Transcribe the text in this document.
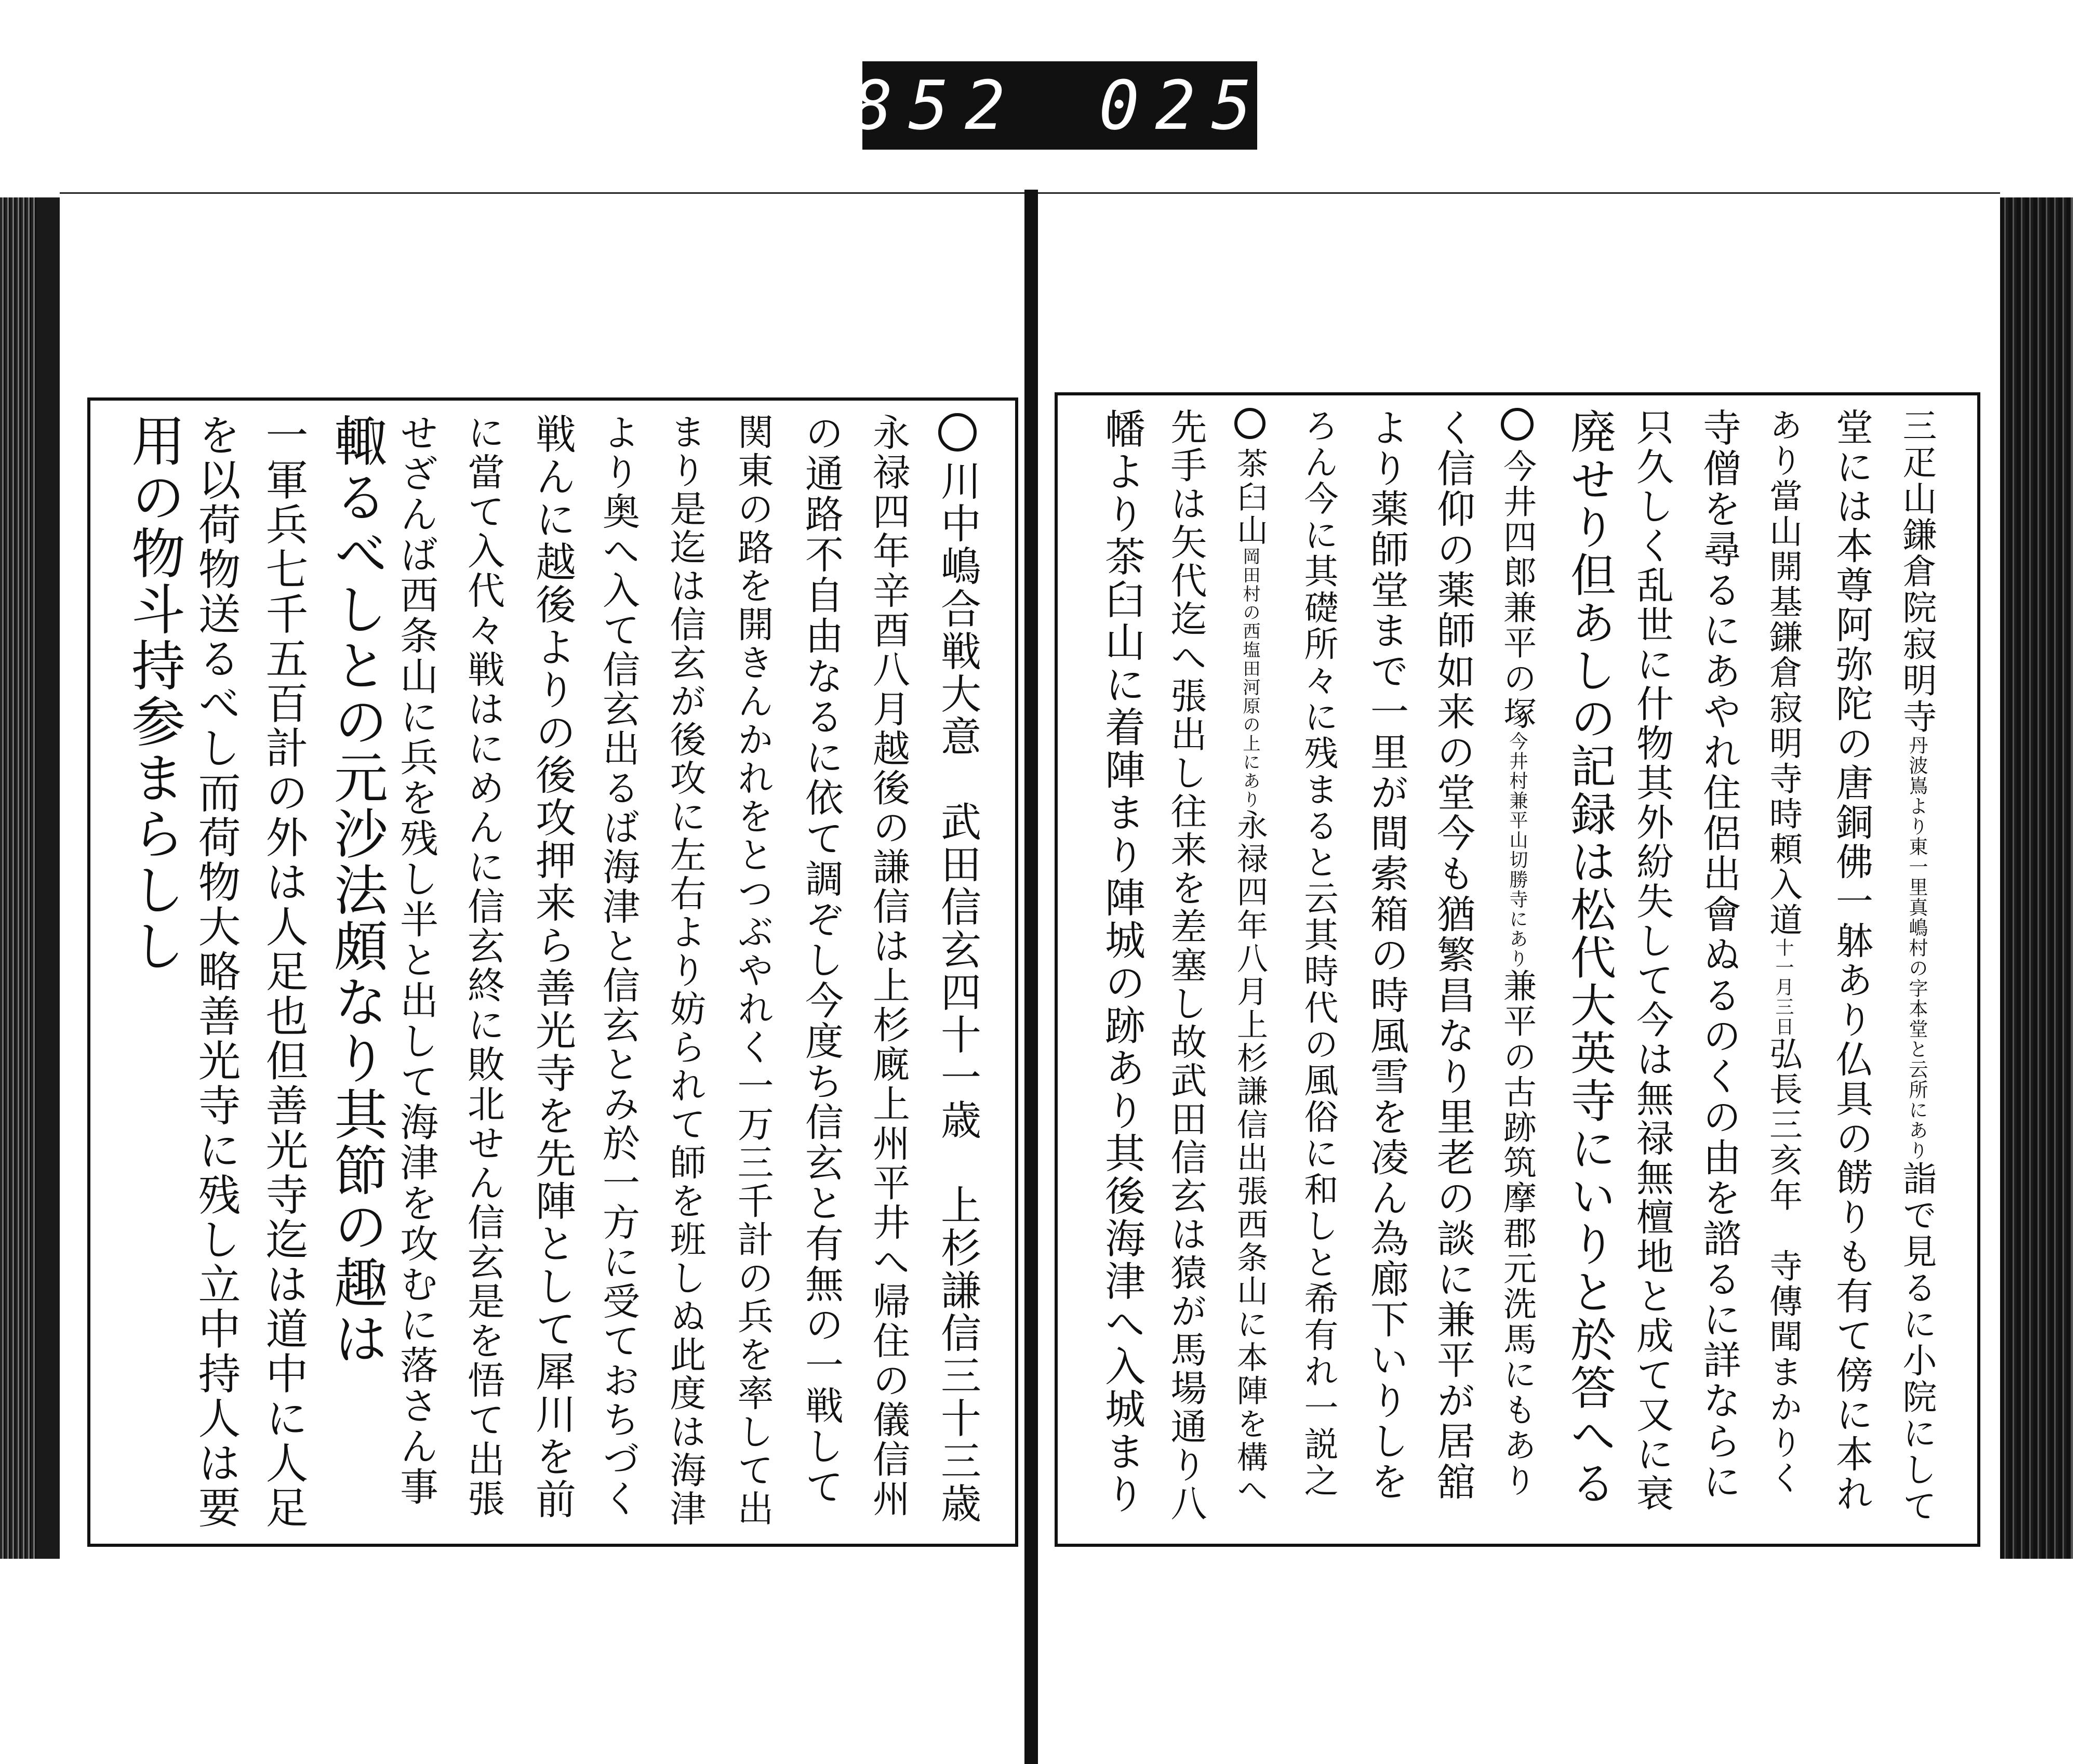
852 025
三疋山鎌倉院寂明寺丹波嶌より東一里真嶋村の字本堂と云所にあり詣で見るに小院にして
堂には本尊阿弥陀の唐銅佛一躰あり仏具の餝りも有て傍に本れ
あり當山開基鎌倉寂明寺時頼入道十一月三日弘長三亥年　寺傳聞まかりく
寺僧を尋るにあやれ住侶出會ぬるのくの由を諮るに詳ならに
只久しく乱世に什物其外紛失して今は無禄無檀地と成て又に衰
廃せり但あしの記録は松代大英寺にいりと於答へる
今井四郎兼平の塚今井村兼平山切勝寺にあり兼平の古跡筑摩郡元洗馬にもあり
く信仰の薬師如来の堂今も猶繁昌なり里老の談に兼平が居舘
より薬師堂まで一里が間索箱の時風雪を凌ん為廊下いりしを
ろん今に其礎所々に残まると云其時代の風俗に和しと希有れ一説之
茶臼山岡田村の西塩田河原の上にあり永禄四年八月上杉謙信出張西条山に本陣を構へ
先手は矢代迄へ張出し往来を差塞し故武田信玄は猿が馬場通り八
幡より茶臼山に着陣まり陣城の跡あり其後海津へ入城まり
川中嶋合戦大意　武田信玄四十一歳　上杉謙信三十三歳
永禄四年辛酉八月越後の謙信は上杉廐上州平井へ帰住の儀信州
の通路不自由なるに依て調ぞし今度ち信玄と有無の一戦して
関東の路を開きんかれをとつぶやれく一万三千計の兵を率して出
まり是迄は信玄が後攻に左右より妨られて師を班しぬ此度は海津
より奥へ入て信玄出るば海津と信玄とみ於一方に受ておちづく
戦んに越後よりの後攻押来ら善光寺を先陣として犀川を前
に當て入代々戦はにめんに信玄終に敗北せん信玄是を悟て出張
せざんば西条山に兵を残し半と出して海津を攻むに落さん事
輙るべしとの元沙法頗なり其節の趣は
一軍兵七千五百計の外は人足也但善光寺迄は道中に人足
を以荷物送るべし而荷物大略善光寺に残し立中持人は要
用の物斗持参まらしし
